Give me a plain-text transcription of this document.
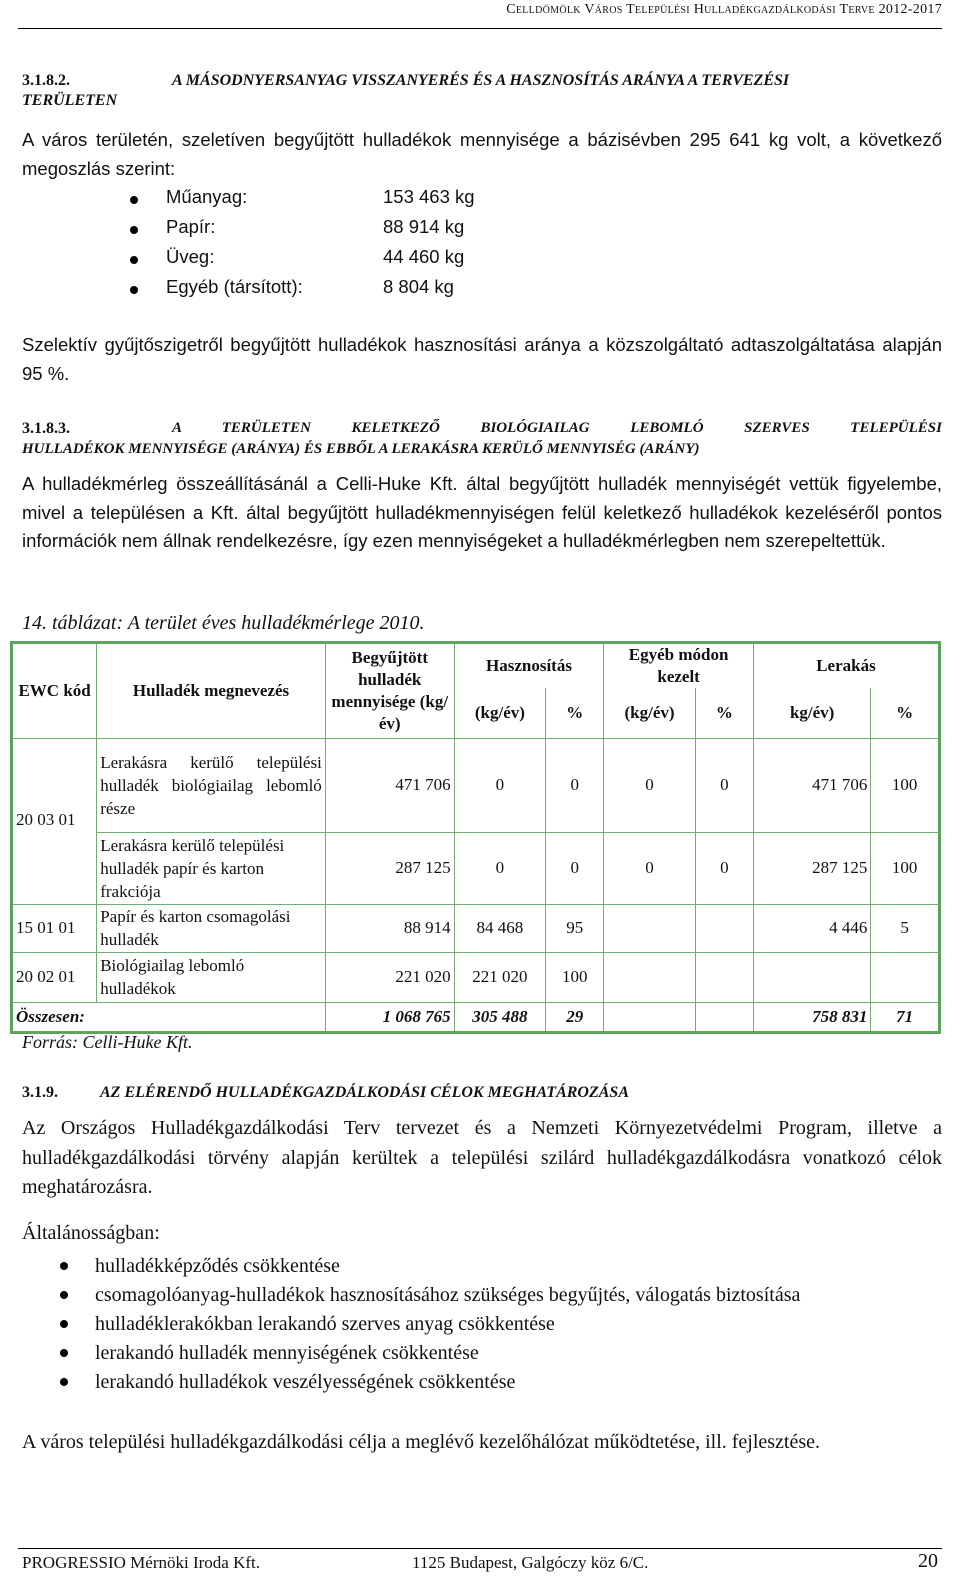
Celldömölk Város Települési Hulladékgazdálkodási Terve 2012-2017
3.1.8.2.	A MÁSODNYERSANYAG VISSZANYERÉS ÉS A HASZNOSÍTÁS ARÁNYA A TERVEZÉSI
TERÜLETEN
A város területén, szeletíven begyűjtött hulladékok mennyisége a bázisévben 295 641 kg volt, a következő megoszlás szerint:
Műanyag:	153 463 kg
Papír:	88 914 kg
Üveg:	44 460 kg
Egyéb (társított):	8 804 kg
Szelektív gyűjtőszigetről begyűjtött hulladékok hasznosítási aránya a közszolgáltató adtaszolgáltatása alapján 95 %.
3.1.8.3.	A TERÜLETEN KELETKEZŐ BIOLÓGIAILAG LEBOMLÓ SZERVES TELEPÜLÉSI
HULLADÉKOK MENNYISÉGE (ARÁNYA) ÉS EBBŐL A LERAKÁSRA KERÜLŐ MENNYISÉG (ARÁNY)
A hulladékmérleg összeállításánál a Celli-Huke Kft. által begyűjtött hulladék mennyiségét vettük figyelembe, mivel a településen a Kft. által begyűjtött hulladékmennyiségen felül keletkező hulladékok kezeléséről pontos információk nem állnak rendelkezésre, így ezen mennyiségeket a hulladékmérlegben nem szerepeltettük.
14. táblázat: A terület éves hulladékmérlege 2010.
EWC kód	Hulladék megnevezés	Begyűjtött hulladék mennyisége (kg/év)	Hasznosítás		Egyéb módon kezelt		Lerakás	
			(kg/év)	%	(kg/év)	%	kg/év)	%
20 03 01	Lerakásra kerülő települési hulladék biológiailag lebomló része	471 706	0	0	0	0	471 706	100
	Lerakásra kerülő települési hulladék papír és karton frakciója	287 125	0	0	0	0	287 125	100
15 01 01	Papír és karton csomagolási hulladék	88 914	84 468	95			4 446	5
20 02 01	Biológiailag lebomló hulladékok	221 020	221 020	100				
Összesen:		1 068 765	305 488	29			758 831	71
Forrás: Celli-Huke Kft.
3.1.9.	AZ ELÉRENDŐ HULLADÉKGAZDÁLKODÁSI CÉLOK MEGHATÁROZÁSA
Az Országos Hulladékgazdálkodási Terv tervezet és a Nemzeti Környezetvédelmi Program, illetve a hulladékgazdálkodási törvény alapján kerültek a települési szilárd hulladékgazdálkodásra vonatkozó célok meghatározásra.
Általánosságban:
hulladékképződés csökkentése
csomagolóanyag-hulladékok hasznosításához szükséges begyűjtés, válogatás biztosítása
hulladéklerakókban lerakandó szerves anyag csökkentése
lerakandó hulladék mennyiségének csökkentése
lerakandó hulladékok veszélyességének csökkentése
A város települési hulladékgazdálkodási célja a meglévő kezelőhálózat működtetése, ill. fejlesztése.
PROGRESSIO Mérnöki Iroda Kft.	1125 Budapest, Galgóczy köz 6/C.	20
